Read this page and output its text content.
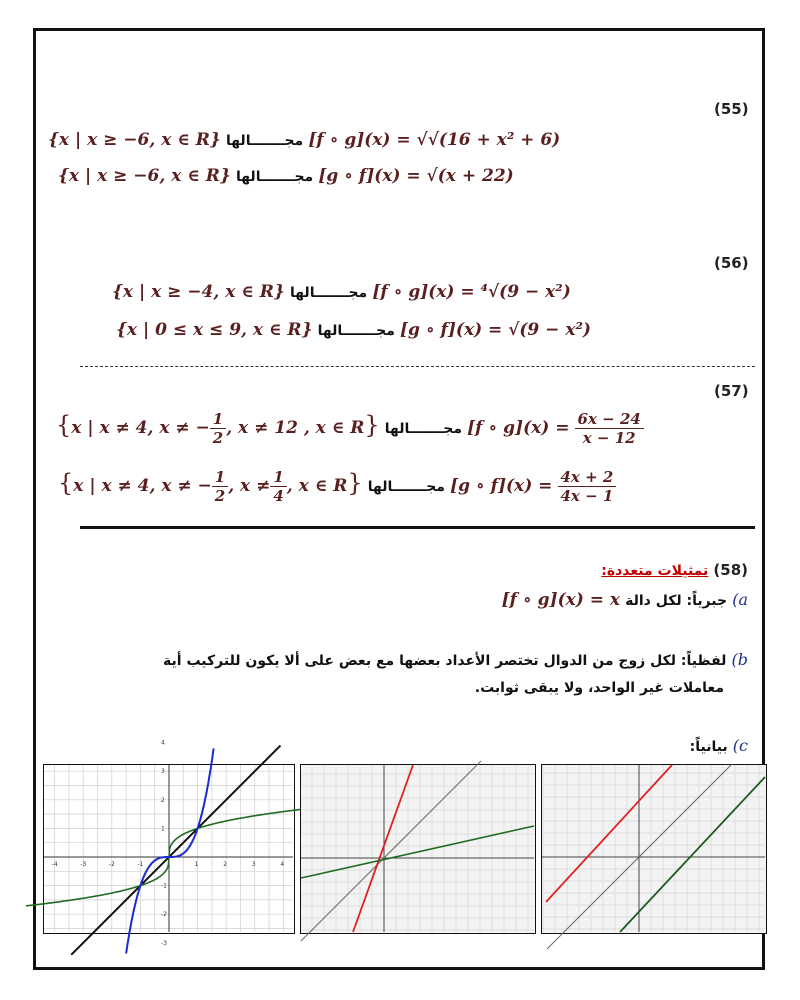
(55)
{x | x ≥ −6, x ∈ R} مجـــــــالها [f ∘ g](x) = √√(16 + x² + 6)
{x | x ≥ −6, x ∈ R} مجـــــــالها [g ∘ f](x) = √(x + 22)
(56)
{x | x ≥ −4, x ∈ R} مجـــــــالها [f ∘ g](x) = ⁴√(9 − x²)
{x | 0 ≤ x ≤ 9, x ∈ R} مجـــــــالها [g ∘ f](x) = √(9 − x²)
(57)
{x | x ≠ 4, x ≠ − $\frac{1}{2}$ , x ≠ 12 , x ∈ R} مجـــــــالها [f ∘ $g](x) = \frac{6x - 24}{x - 12}$
{x | x ≠ 4, x ≠ − $\frac{1}{2}$ , $x \ne \frac{1}{4}$ , x ∈ R} مجـــــــالها [g ∘ $f](x) = \frac{4x + 2}{4x - 1}$
(58) تمثيلات متعددة:
a) جبرياً: لكل دالة [f ∘ g](x) = x
b) لفظياً: لكل زوج من الدوال تختصر الأعداد بعضها مع بعض على ألا يكون للتركيب أية
معاملات غير الواحد، ولا يبقى ثوابت.
c) بيانياً:
-4	-3	-2	-1	1	2	3	4
4
3
2
1
-1
-2
-3
